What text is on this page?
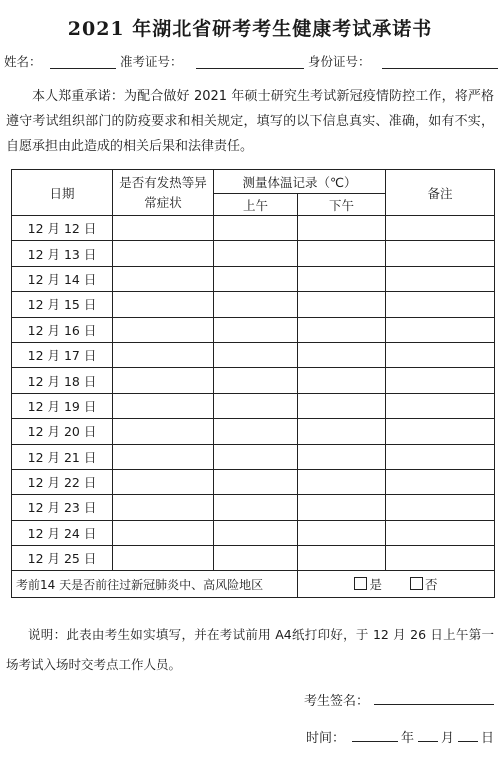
2021 年湖北省研考考生健康考试承诺书
姓名：	准考证号：	身份证号：

本人郑重承诺：为配合做好 2021 年硕士研究生考试新冠疫情防控工作，将严格遵守考试组织部门的防疫要求和相关规定，填写的以下信息真实、准确，如有不实，自愿承担由此造成的相关后果和法律责任。

日期	是否有发热等异常症状	测量体温记录（℃）		备注
		上午	下午	
12 月 12 日				
12 月 13 日				
12 月 14 日				
12 月 15 日				
12 月 16 日				
12 月 17 日				
12 月 18 日				
12 月 19 日				
12 月 20 日				
12 月 21 日				
12 月 22 日				
12 月 23 日				
12 月 24 日				
12 月 25 日				
考前14 天是否前往过新冠肺炎中、高风险地区			是 否	

说明：此表由考生如实填写，并在考试前用 A4纸打印好，于 12 月 26 日上午第一场考试入场时交考点工作人员。

考生签名：
时间：	年 月 日
